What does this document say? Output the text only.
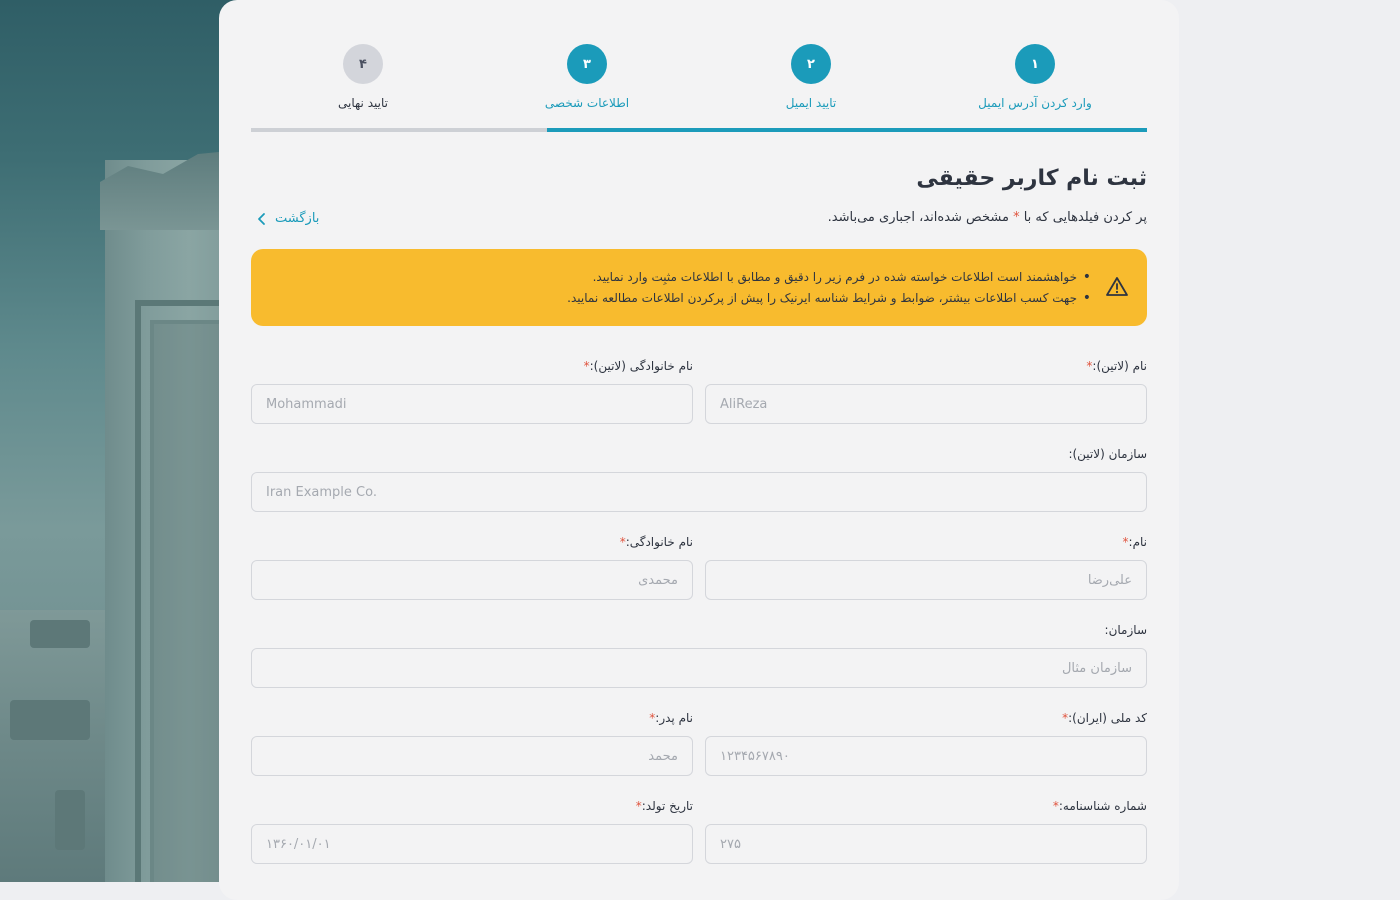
۱
وارد کردن آدرس ایمیل
۲
تایید ایمیل
۳
اطلاعات شخصی
۴
تایید نهایی
ثبت نام کاربر حقیقی
پر کردن فیلدهایی که با * مشخص شده‌اند، اجباری می‌باشد.
بازگشت
• خواهشمند است اطلاعات خواسته شده در فرم زیر را دقیق و مطابق با اطلاعات مثبِت وارد نمایید.
• جهت کسب اطلاعات بیشتر، ضوابط و شرایط شناسه ایرنیک را پیش از پرکردن اطلاعات مطالعه نمایید.
نام (لاتین):*
AliReza
نام خانوادگی (لاتین):*
Mohammadi
سازمان (لاتین):
Iran Example Co.
نام:*
علی‌رضا
نام خانوادگی:*
محمدی
سازمان:
سازمان مثال
کد ملی (ایران):*
۱۲۳۴۵۶۷۸۹۰
نام پدر:*
محمد
شماره شناسنامه:*
۲۷۵
تاریخ تولد:*
۱۳۶۰/۰۱/۰۱
